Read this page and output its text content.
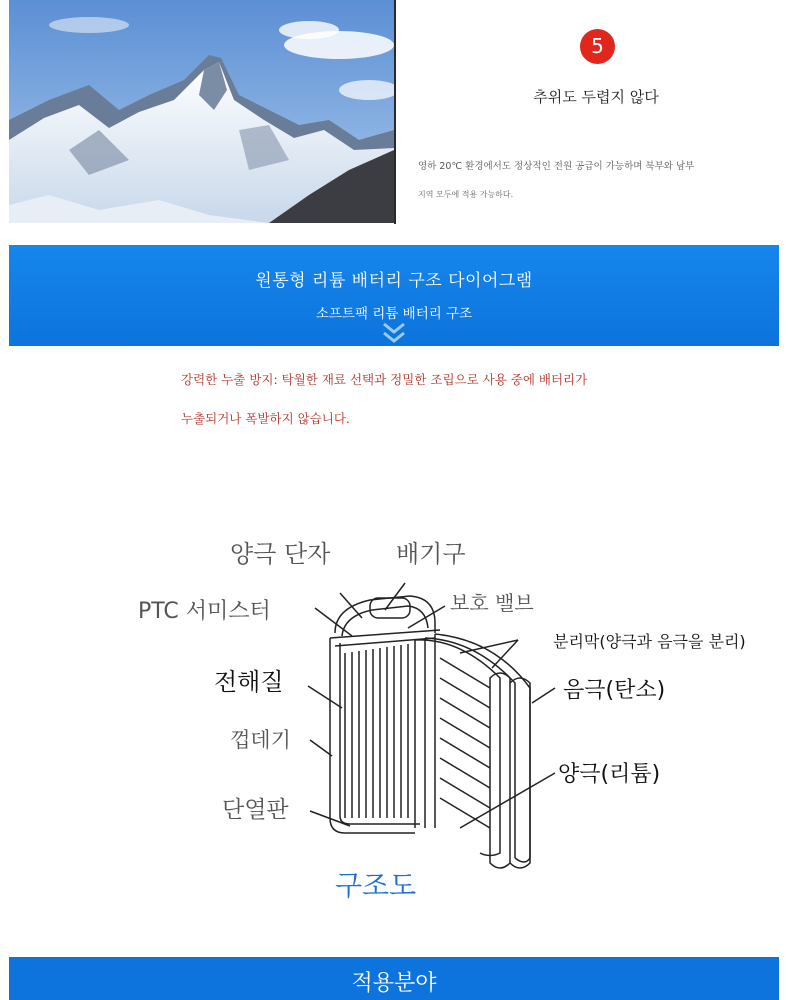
5
추위도 두렵지 않다
영하 20℃ 환경에서도 정상적인 전원 공급이 가능하며 북부와 남부
지역 모두에 적용 가능하다.
원통형 리튬 배터리 구조 다이어그램
소프트팩 리튬 배터리 구조
강력한 누출 방지: 탁월한 재료 선택과 정밀한 조립으로 사용 중에 배터리가
누출되거나 폭발하지 않습니다.
양극 단자	배기구
PTC 서미스터	보호 밸브
분리막(양극과 음극을 분리)
전해질	음극(탄소)
껍데기
양극(리튬)
단열판
구조도
적용분야
